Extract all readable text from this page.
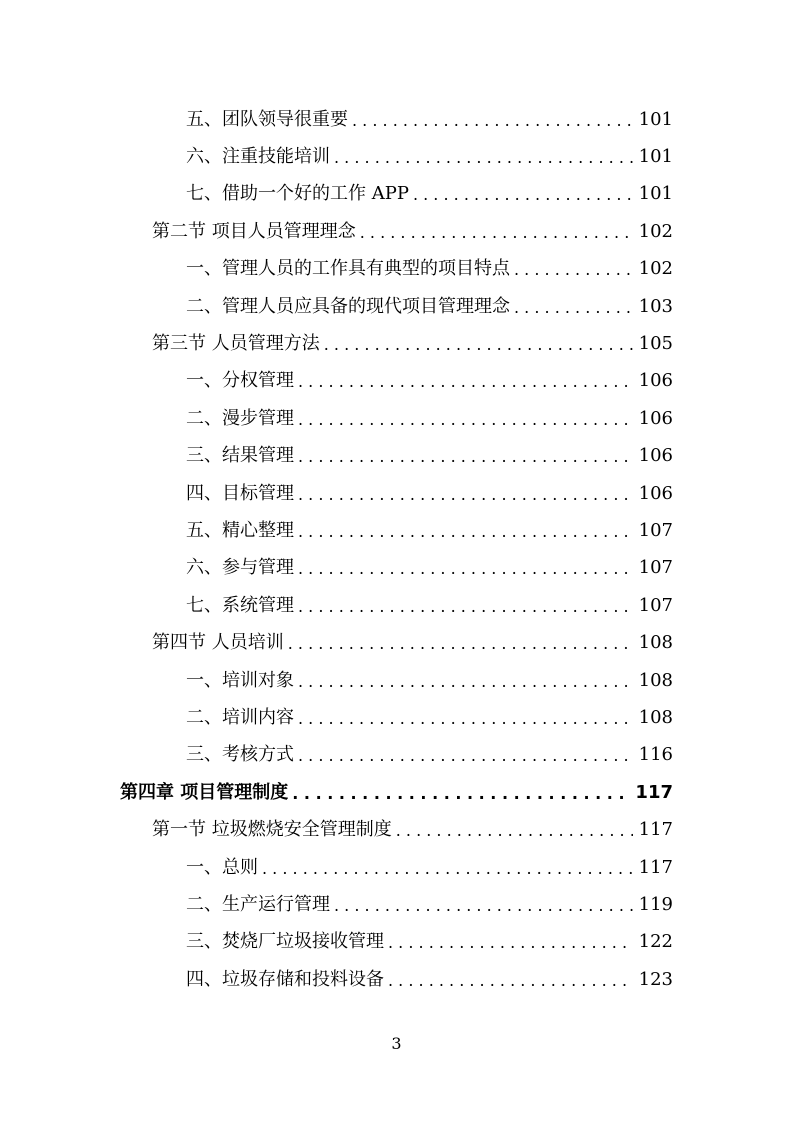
五、团队领导很重要 . . .	101
六、注重技能培训 . . .	101
七、借助一个好的工作 APP . . .	101
第二节 项目人员管理理念 . . .	102
一、管理人员的工作具有典型的项目特点 . . .	102
二、管理人员应具备的现代项目管理理念 . . .	103
第三节 人员管理方法 . . .	105
一、分权管理 . . .	106
二、漫步管理 . . .	106
三、结果管理 . . .	106
四、目标管理 . . .	106
五、精心整理 . . .	107
六、参与管理 . . .	107
七、系统管理 . . .	107
第四节 人员培训 . . .	108
一、培训对象 . . .	108
二、培训内容 . . .	108
三、考核方式 . . .	116
第四章 项目管理制度 . . .	117
第一节 垃圾燃烧安全管理制度 . . .	117
一、总则 . . .	117
二、生产运行管理 . . .	119
三、焚烧厂垃圾接收管理 . . .	122
四、垃圾存储和投料设备 . . .	123
3
